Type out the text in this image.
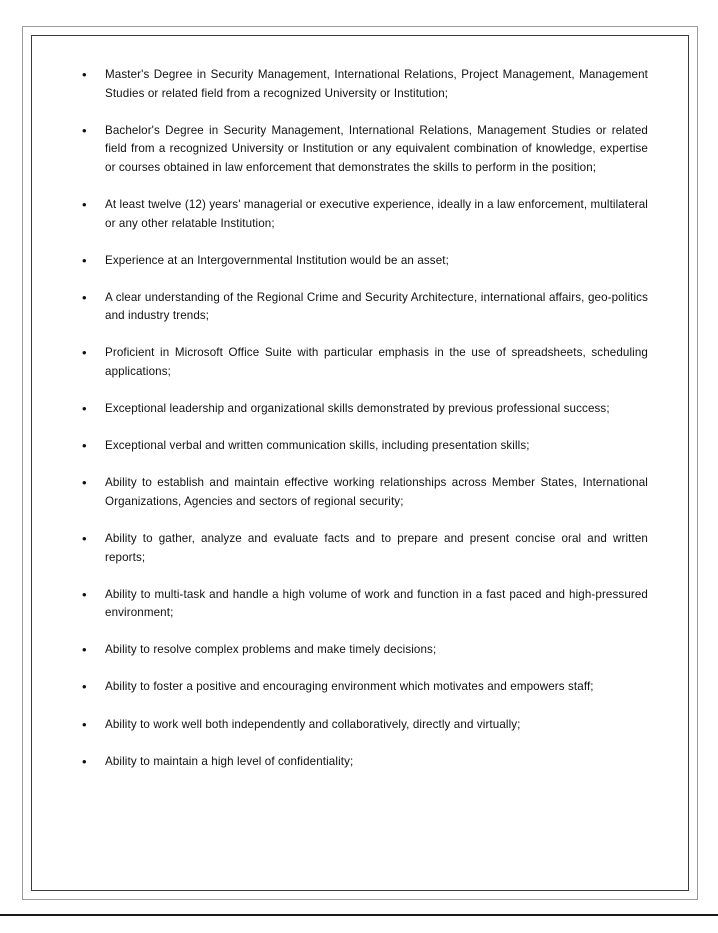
• Master's Degree in Security Management, International Relations, Project Management, Management Studies or related field from a recognized University or Institution;
• Bachelor's Degree in Security Management, International Relations, Management Studies or related field from a recognized University or Institution or any equivalent combination of knowledge, expertise or courses obtained in law enforcement that demonstrates the skills to perform in the position;
• At least twelve (12) years' managerial or executive experience, ideally in a law enforcement, multilateral or any other relatable Institution;
• Experience at an Intergovernmental Institution would be an asset;
• A clear understanding of the Regional Crime and Security Architecture, international affairs, geo-politics and industry trends;
• Proficient in Microsoft Office Suite with particular emphasis in the use of spreadsheets, scheduling applications;
• Exceptional leadership and organizational skills demonstrated by previous professional success;
• Exceptional verbal and written communication skills, including presentation skills;
• Ability to establish and maintain effective working relationships across Member States, International Organizations, Agencies and sectors of regional security;
• Ability to gather, analyze and evaluate facts and to prepare and present concise oral and written reports;
• Ability to multi-task and handle a high volume of work and function in a fast paced and high-pressured environment;
• Ability to resolve complex problems and make timely decisions;
• Ability to foster a positive and encouraging environment which motivates and empowers staff;
• Ability to work well both independently and collaboratively, directly and virtually;
• Ability to maintain a high level of confidentiality;
